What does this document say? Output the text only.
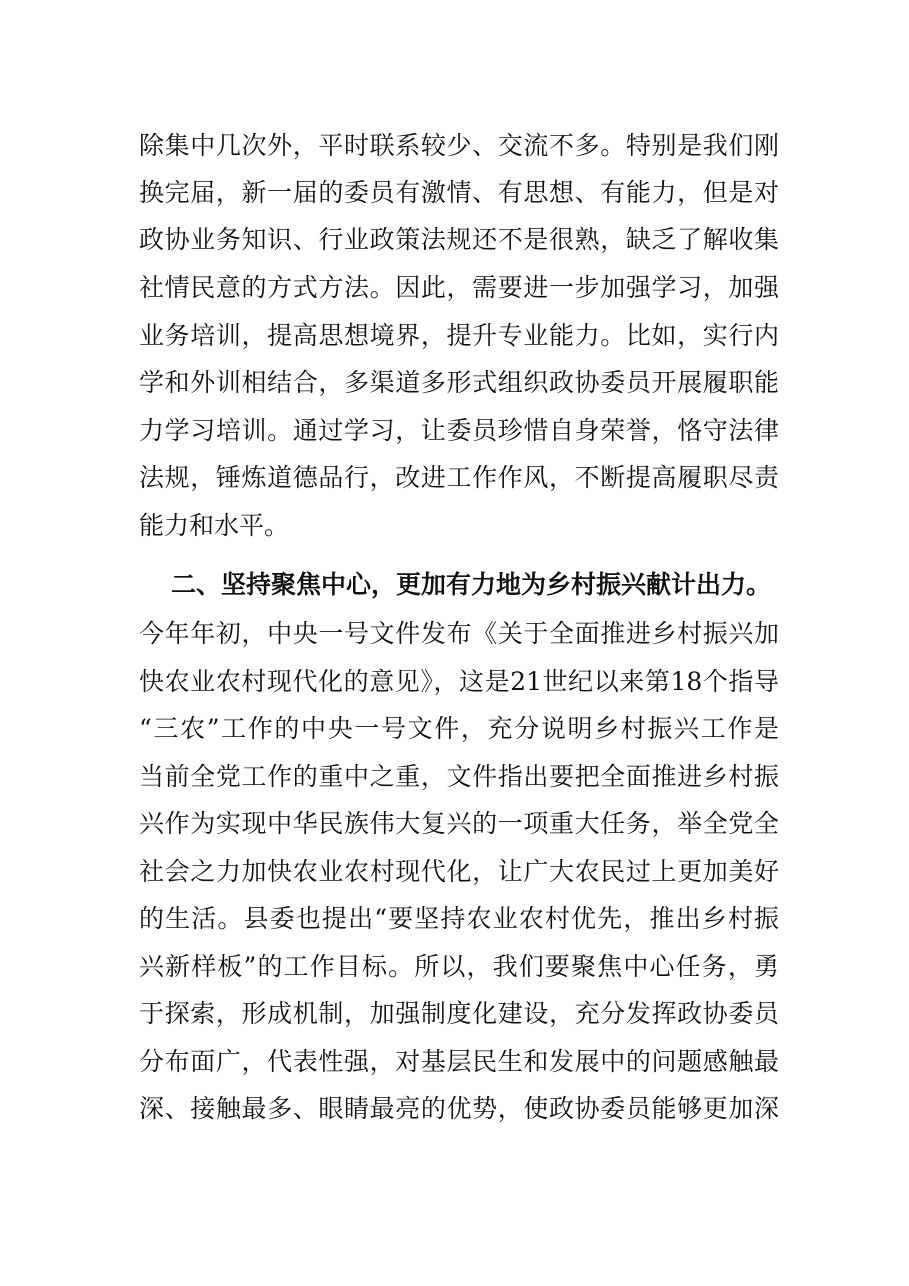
除集中几次外，平时联系较少、交流不多。特别是我们刚
换完届，新一届的委员有激情、有思想、有能力，但是对
政协业务知识、行业政策法规还不是很熟，缺乏了解收集
社情民意的方式方法。因此，需要进一步加强学习，加强
业务培训，提高思想境界，提升专业能力。比如，实行内
学和外训相结合，多渠道多形式组织政协委员开展履职能
力学习培训。通过学习，让委员珍惜自身荣誉，恪守法律
法规，锤炼道德品行，改进工作作风，不断提高履职尽责
能力和水平。
二、坚持聚焦中心，更加有力地为乡村振兴献计出力。
今年年初，中央一号文件发布《关于全面推进乡村振兴加
快农业农村现代化的意见》，这是21世纪以来第18个指导
“三农”工作的中央一号文件，充分说明乡村振兴工作是
当前全党工作的重中之重，文件指出要把全面推进乡村振
兴作为实现中华民族伟大复兴的一项重大任务，举全党全
社会之力加快农业农村现代化，让广大农民过上更加美好
的生活。县委也提出“要坚持农业农村优先，推出乡村振
兴新样板”的工作目标。所以，我们要聚焦中心任务，勇
于探索，形成机制，加强制度化建设，充分发挥政协委员
分布面广，代表性强，对基层民生和发展中的问题感触最
深、接触最多、眼睛最亮的优势，使政协委员能够更加深
